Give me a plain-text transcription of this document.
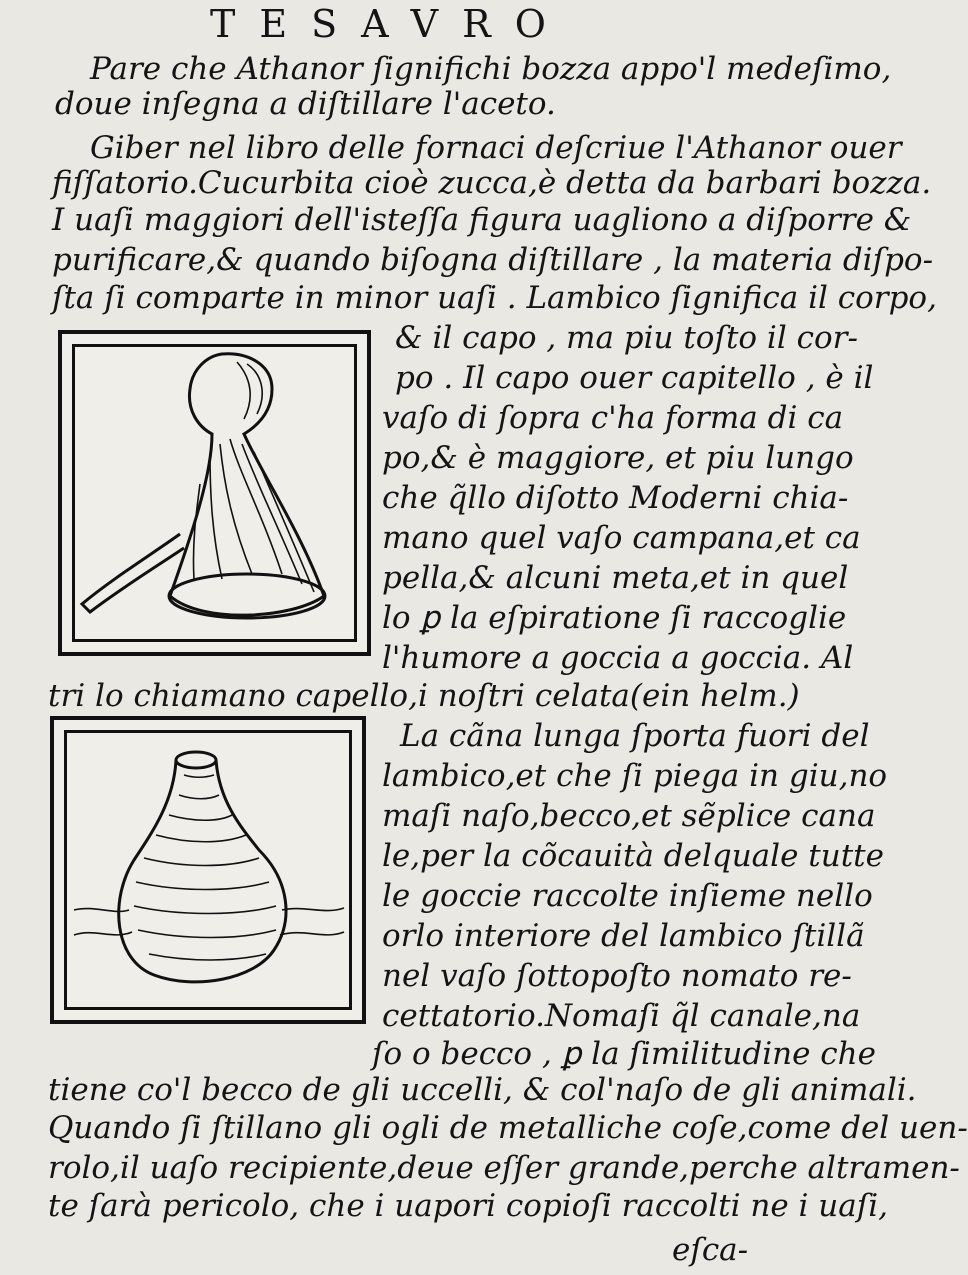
TESAVRO
Pare che Athanor ſignifichi bozza appo'l medeſimo,
doue inſegna a diſtillare l'aceto.
Giber nel libro delle fornaci deſcriue l'Athanor ouer
fiſſatorio.Cucurbita cioè zucca,è detta da barbari bozza.
I uaſi maggiori dell'isteſſa figura uagliono a diſporre &
purificare,& quando biſogna diſtillare , la materia diſpo-
ſta ſi comparte in minor uaſi . Lambico ſignifica il corpo,
& il capo , ma piu toſto il cor-
po . Il capo ouer capitello , è il
vaſo di ſopra c'ha forma di ca
po,& è maggiore, et piu lungo
che q̃llo diſotto Moderni chia-
mano quel vaſo campana,et ca
pella,& alcuni meta,et in quel
lo ꝑ la eſpiratione ſi raccoglie
l'humore a goccia a goccia. Al
tri lo chiamano capello,i noſtri celata(ein helm.)
La cãna lunga ſporta fuori del
lambico,et che ſi piega in giu,no
maſi naſo,becco,et sẽplice cana
le,per la cõcauità delquale tutte
le goccie raccolte inſieme nello
orlo interiore del lambico ſtillã
nel vaſo ſottopoſto nomato re-
cettatorio.Nomaſi q̃l canale,na
ſo o becco , ꝑ la ſimilitudine che
tiene co'l becco de gli uccelli, & col'naſo de gli animali.
Quando ſi ſtillano gli ogli de metalliche coſe,come del uen-
rolo,il uaſo recipiente,deue eſſer grande,perche altramen-
te ſarà pericolo, che i uapori copioſi raccolti ne i uaſi,
eſca-
